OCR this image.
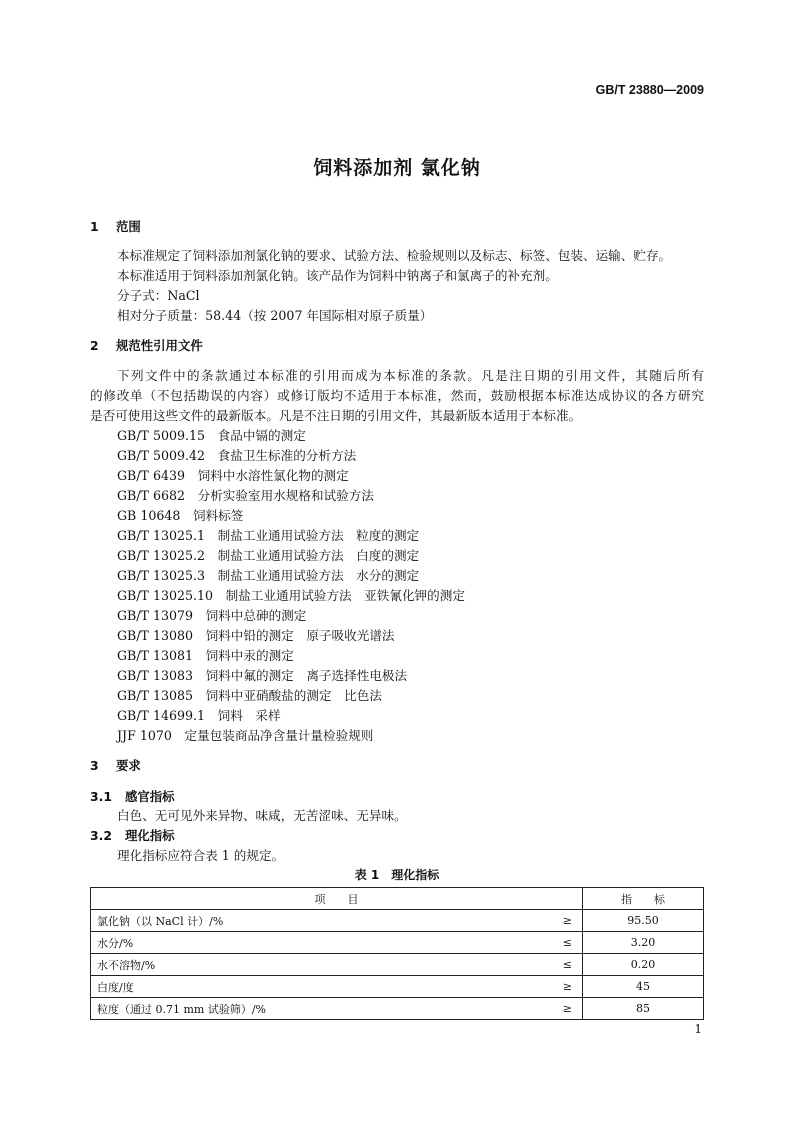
GB/T 23880—2009
饲料添加剂 氯化钠
1 范围
本标准规定了饲料添加剂氯化钠的要求、试验方法、检验规则以及标志、标签、包装、运输、贮存。
本标准适用于饲料添加剂氯化钠。该产品作为饲料中钠离子和氯离子的补充剂。
分子式：NaCl
相对分子质量：58.44（按 2007 年国际相对原子质量）
2 规范性引用文件
下列文件中的条款通过本标准的引用而成为本标准的条款。凡是注日期的引用文件，其随后所有
的修改单（不包括勘误的内容）或修订版均不适用于本标准，然而，鼓励根据本标准达成协议的各方研究
是否可使用这些文件的最新版本。凡是不注日期的引用文件，其最新版本适用于本标准。
GB/T 5009.15　食品中镉的测定
GB/T 5009.42　食盐卫生标准的分析方法
GB/T 6439　饲料中水溶性氯化物的测定
GB/T 6682　分析实验室用水规格和试验方法
GB 10648　饲料标签
GB/T 13025.1　制盐工业通用试验方法　粒度的测定
GB/T 13025.2　制盐工业通用试验方法　白度的测定
GB/T 13025.3　制盐工业通用试验方法　水分的测定
GB/T 13025.10　制盐工业通用试验方法　亚铁氰化钾的测定
GB/T 13079　饲料中总砷的测定
GB/T 13080　饲料中铅的测定　原子吸收光谱法
GB/T 13081　饲料中汞的测定
GB/T 13083　饲料中氟的测定　离子选择性电极法
GB/T 13085　饲料中亚硝酸盐的测定　比色法
GB/T 14699.1　饲料　采样
JJF 1070　定量包装商品净含量计量检验规则
3 要求
3.1 感官指标
白色、无可见外来异物、味咸，无苦涩味、无异味。
3.2 理化指标
理化指标应符合表 1 的规定。
表 1　理化指标
项　　目		指　　标
氯化钠（以 NaCl 计）/%	≥	95.50
水分/%	≤	3.20
水不溶物/%	≤	0.20
白度/度	≥	45
粒度（通过 0.71 mm 试验筛）/%	≥	85
1
